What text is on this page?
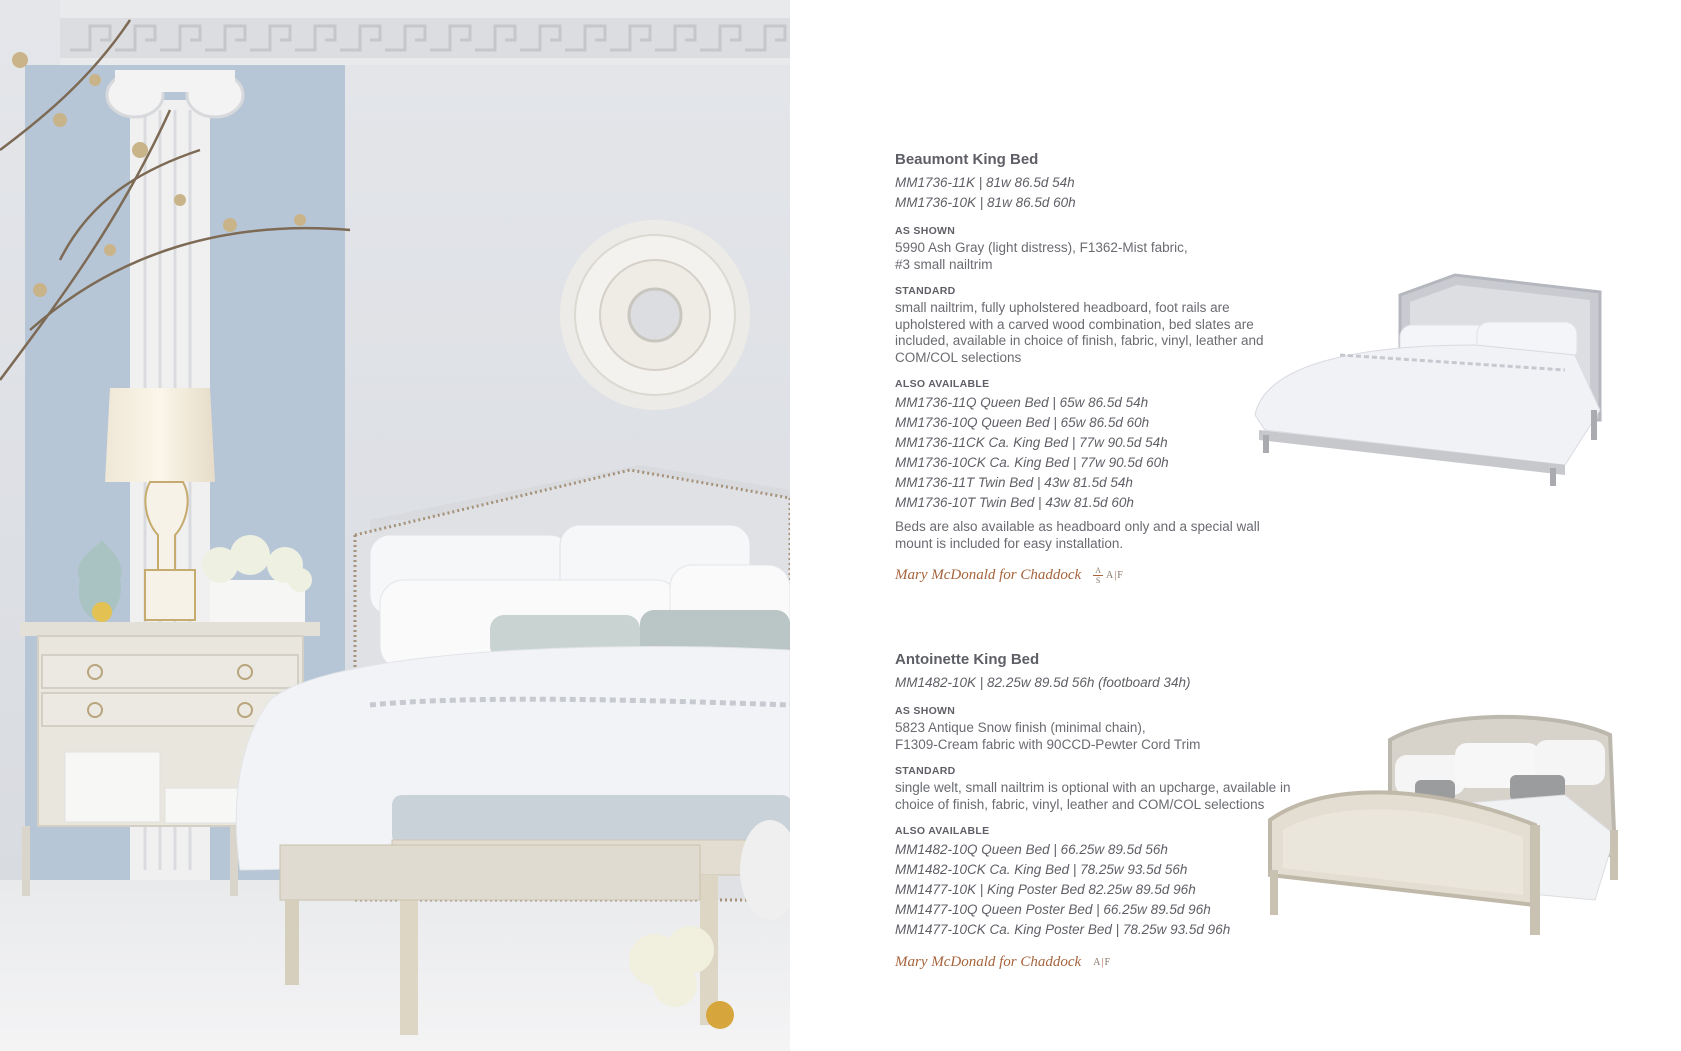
Beaumont King Bed

MM1736-11K | 81w 86.5d 54h

MM1736-10K | 81w 86.5d 60h

AS SHOWN

5990 Ash Gray (light distress), F1362-Mist fabric,
#3 small nailtrim

STANDARD

small nailtrim, fully upholstered headboard, foot rails are upholstered with a carved wood combination, bed slates are included, available in choice of finish, fabric, vinyl, leather and COM/COL selections

ALSO AVAILABLE

MM1736-11Q Queen Bed | 65w 86.5d 54h

MM1736-10Q Queen Bed | 65w 86.5d 60h

MM1736-11CK Ca. King Bed | 77w 90.5d 54h

MM1736-10CK Ca. King Bed | 77w 90.5d 60h

MM1736-11T Twin Bed | 43w 81.5d 54h

MM1736-10T Twin Bed | 43w 81.5d 60h

Beds are also available as headboard only and a special wall mount is included for easy installation.

Mary McDonald for Chaddock A
S A|F
Antoinette King Bed

MM1482-10K | 82.25w 89.5d 56h (footboard 34h)

AS SHOWN

5823 Antique Snow finish (minimal chain),
F1309-Cream fabric with 90CCD-Pewter Cord Trim

STANDARD

single welt, small nailtrim is optional with an upcharge, available in choice of finish, fabric, vinyl, leather and COM/COL selections

ALSO AVAILABLE

MM1482-10Q Queen Bed | 66.25w 89.5d 56h

MM1482-10CK Ca. King Bed | 78.25w 93.5d 56h

MM1477-10K | King Poster Bed 82.25w 89.5d 96h

MM1477-10Q Queen Poster Bed | 66.25w 89.5d 96h

MM1477-10CK Ca. King Poster Bed | 78.25w 93.5d 96h

Mary McDonald for Chaddock A|F
